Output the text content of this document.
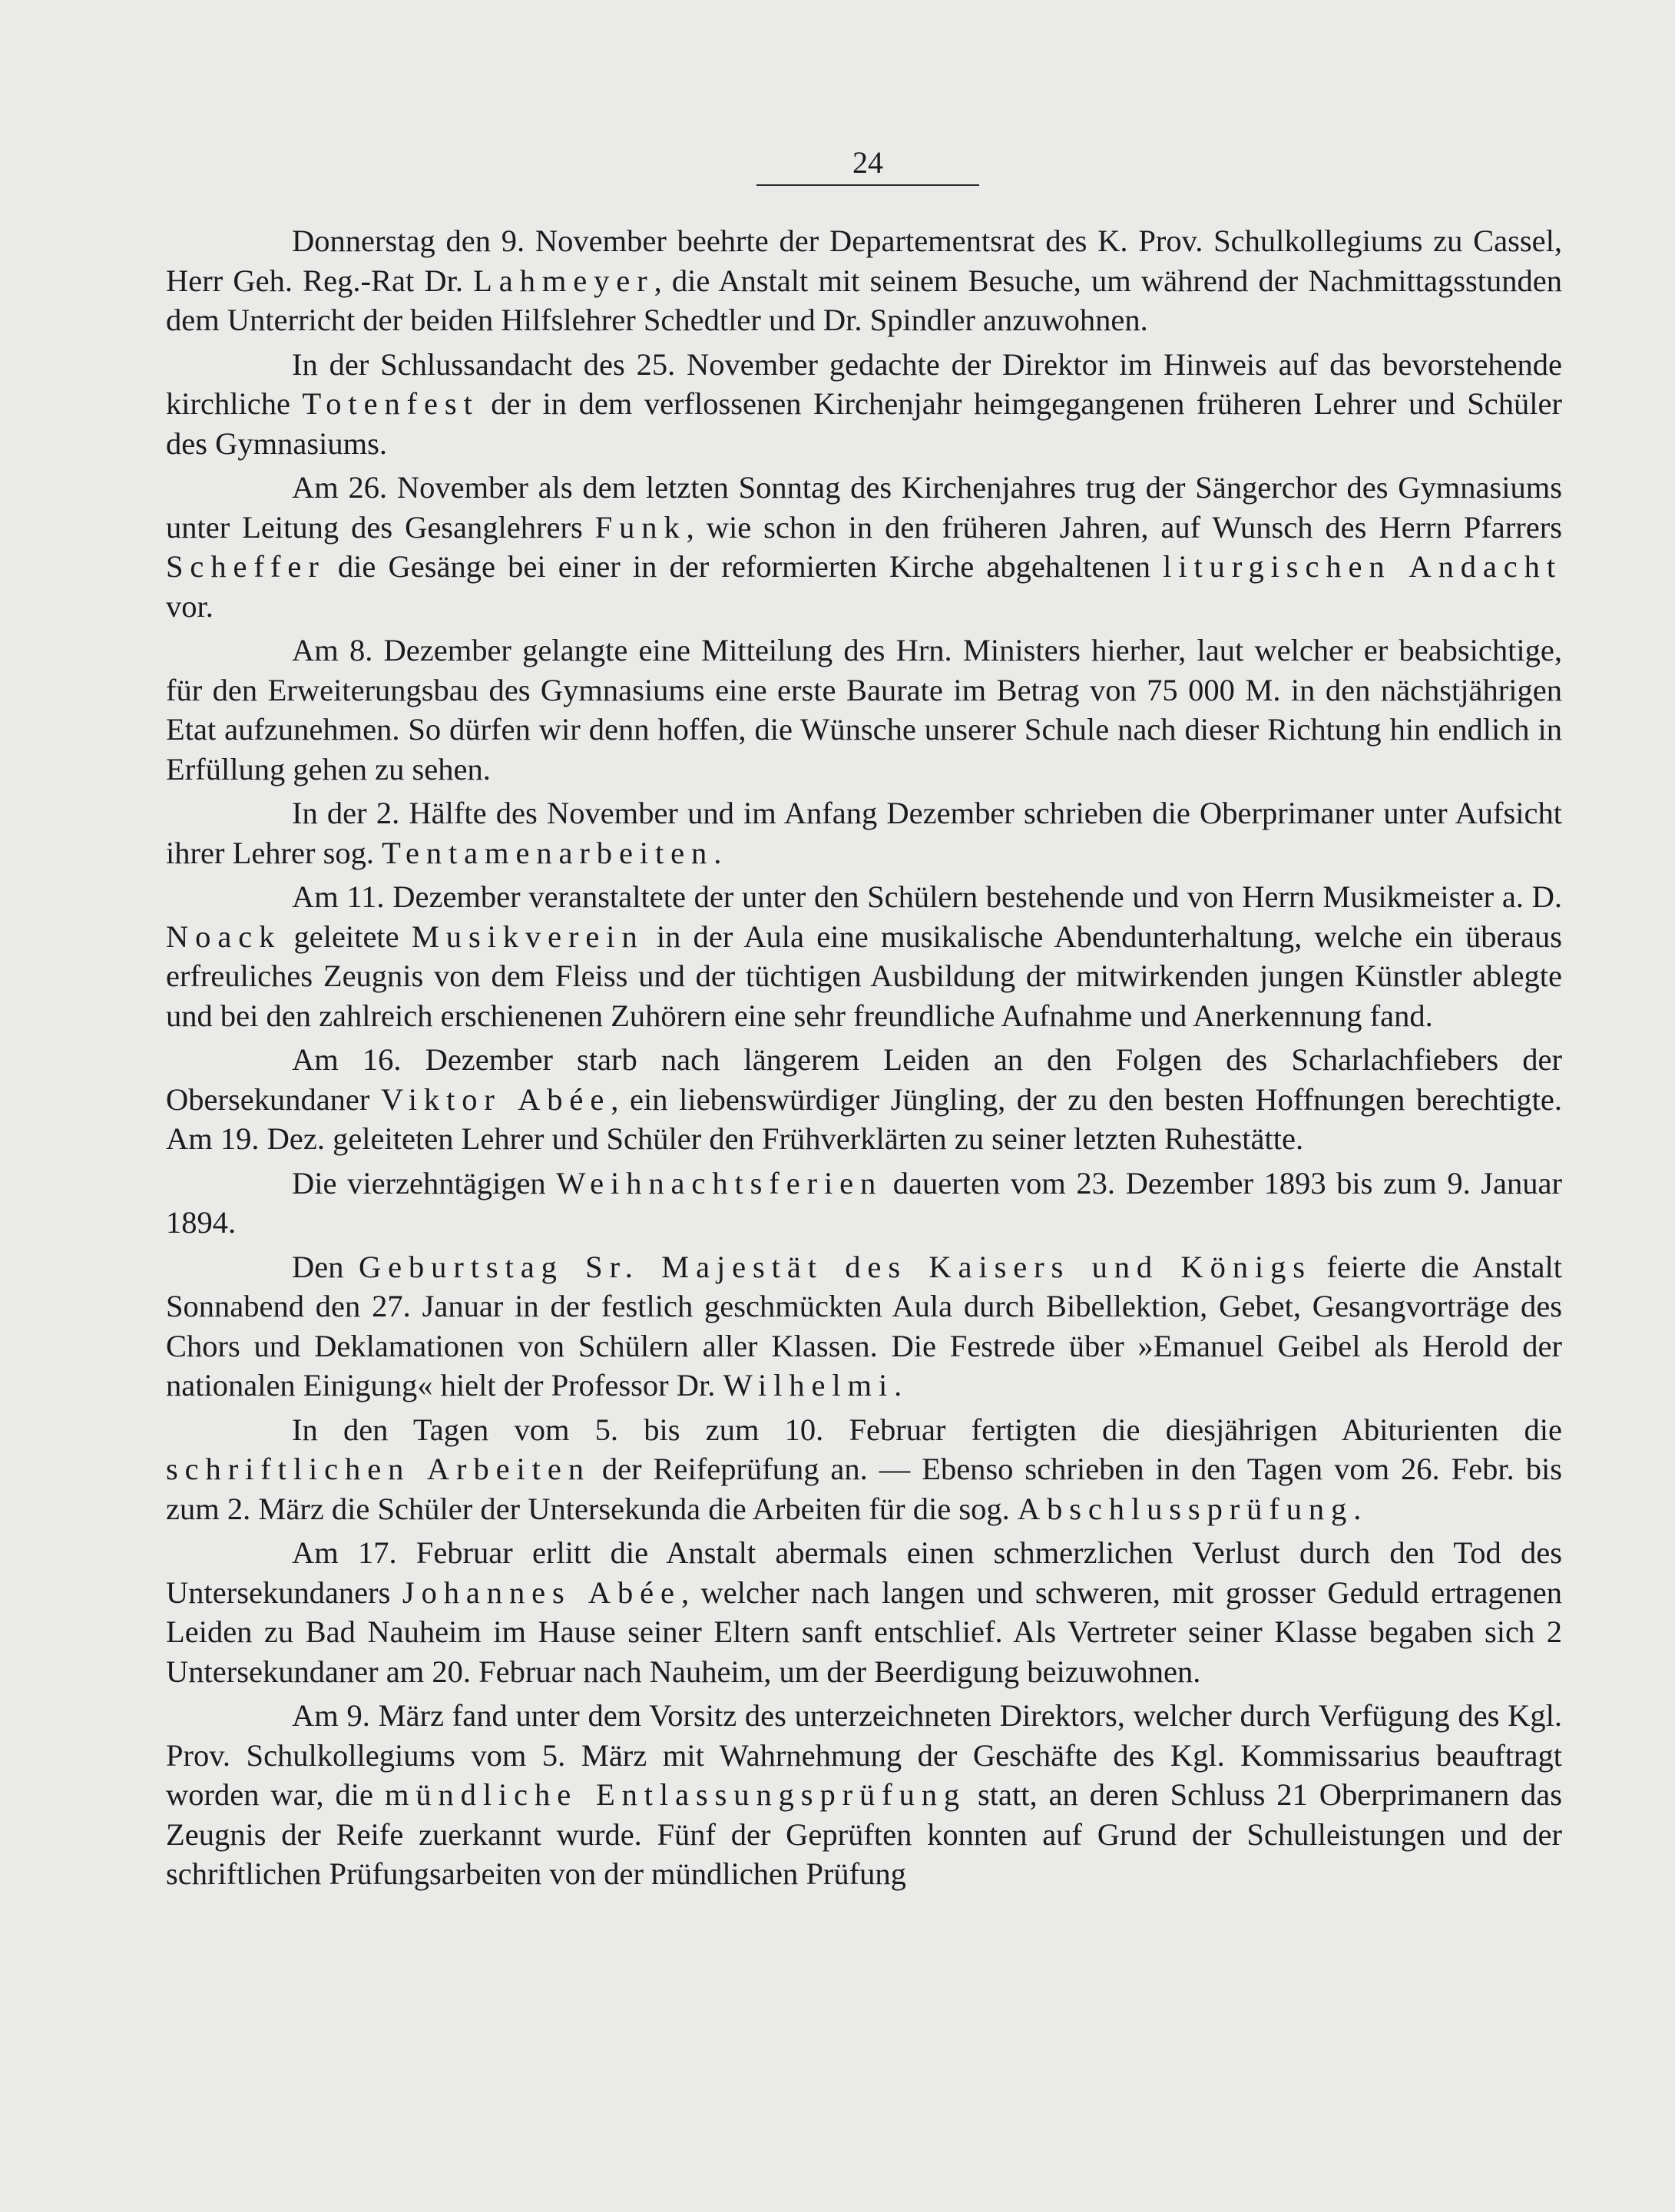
24

Donnerstag den 9. November beehrte der Departementsrat des K. Prov. Schulkollegiums zu Cassel, Herr Geh. Reg.-Rat Dr. Lahmeyer, die Anstalt mit seinem Besuche, um während der Nachmittagsstunden dem Unterricht der beiden Hilfslehrer Schedtler und Dr. Spindler anzuwohnen.

In der Schlussandacht des 25. November gedachte der Direktor im Hinweis auf das bevorstehende kirchliche Totenfest der in dem verflossenen Kirchenjahr heimgegangenen früheren Lehrer und Schüler des Gymnasiums.

Am 26. November als dem letzten Sonntag des Kirchenjahres trug der Sängerchor des Gymnasiums unter Leitung des Gesanglehrers Funk, wie schon in den früheren Jahren, auf Wunsch des Herrn Pfarrers Scheffer die Gesänge bei einer in der reformierten Kirche abgehaltenen liturgischen Andacht vor.

Am 8. Dezember gelangte eine Mitteilung des Hrn. Ministers hierher, laut welcher er beabsichtige, für den Erweiterungsbau des Gymnasiums eine erste Baurate im Betrag von 75 000 M. in den nächstjährigen Etat aufzunehmen. So dürfen wir denn hoffen, die Wünsche unserer Schule nach dieser Richtung hin endlich in Erfüllung gehen zu sehen.

In der 2. Hälfte des November und im Anfang Dezember schrieben die Oberprimaner unter Aufsicht ihrer Lehrer sog. Tentamenarbeiten.

Am 11. Dezember veranstaltete der unter den Schülern bestehende und von Herrn Musikmeister a. D. Noack geleitete Musikverein in der Aula eine musikalische Abendunterhaltung, welche ein überaus erfreuliches Zeugnis von dem Fleiss und der tüchtigen Ausbildung der mitwirkenden jungen Künstler ablegte und bei den zahlreich erschienenen Zuhörern eine sehr freundliche Aufnahme und Anerkennung fand.

Am 16. Dezember starb nach längerem Leiden an den Folgen des Scharlachfiebers der Obersekundaner Viktor Abée, ein liebenswürdiger Jüngling, der zu den besten Hoffnungen berechtigte. Am 19. Dez. geleiteten Lehrer und Schüler den Frühverklärten zu seiner letzten Ruhestätte.

Die vierzehntägigen Weihnachtsferien dauerten vom 23. Dezember 1893 bis zum 9. Januar 1894.

Den Geburtstag Sr. Majestät des Kaisers und Königs feierte die Anstalt Sonnabend den 27. Januar in der festlich geschmückten Aula durch Bibellektion, Gebet, Gesangvorträge des Chors und Deklamationen von Schülern aller Klassen. Die Festrede über »Emanuel Geibel als Herold der nationalen Einigung« hielt der Professor Dr. Wilhelmi.

In den Tagen vom 5. bis zum 10. Februar fertigten die diesjährigen Abiturienten die schriftlichen Arbeiten der Reifeprüfung an. — Ebenso schrieben in den Tagen vom 26. Febr. bis zum 2. März die Schüler der Untersekunda die Arbeiten für die sog. Abschlussprüfung.

Am 17. Februar erlitt die Anstalt abermals einen schmerzlichen Verlust durch den Tod des Untersekundaners Johannes Abée, welcher nach langen und schweren, mit grosser Geduld ertragenen Leiden zu Bad Nauheim im Hause seiner Eltern sanft entschlief. Als Vertreter seiner Klasse begaben sich 2 Untersekundaner am 20. Februar nach Nauheim, um der Beerdigung beizuwohnen.

Am 9. März fand unter dem Vorsitz des unterzeichneten Direktors, welcher durch Verfügung des Kgl. Prov. Schulkollegiums vom 5. März mit Wahrnehmung der Geschäfte des Kgl. Kommissarius beauftragt worden war, die mündliche Entlassungsprüfung statt, an deren Schluss 21 Oberprimanern das Zeugnis der Reife zuerkannt wurde. Fünf der Geprüften konnten auf Grund der Schulleistungen und der schriftlichen Prüfungsarbeiten von der mündlichen Prüfung
